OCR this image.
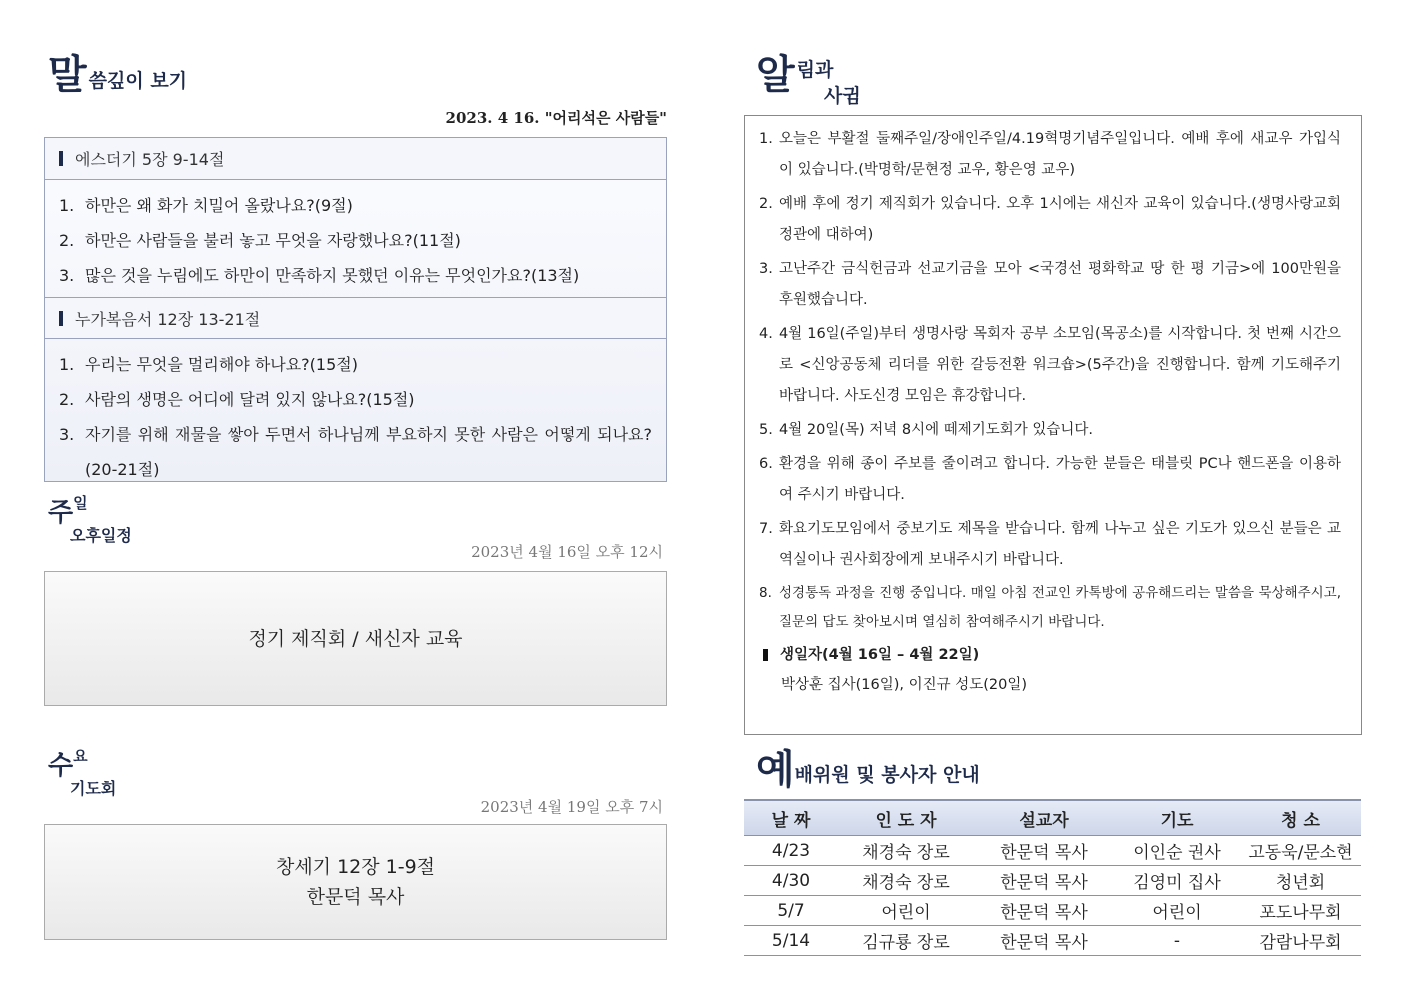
말 씀깊이 보기
2023. 4 16. "어리석은 사람들"
에스더기 5장 9-14절
1. 하만은 왜 화가 치밀어 올랐나요?(9절)
2. 하만은 사람들을 불러 놓고 무엇을 자랑했나요?(11절)
3. 많은 것을 누림에도 하만이 만족하지 못했던 이유는 무엇인가요?(13절)
누가복음서 12장 13-21절
1. 우리는 무엇을 멀리해야 하나요?(15절)
2. 사람의 생명은 어디에 달려 있지 않나요?(15절)
3. 자기를 위해 재물을 쌓아 두면서 하나님께 부요하지 못한 사람은 어떻게 되나요?(20-21절)
주일
오후일정
2023년 4월 16일 오후 12시
정기 제직회 / 새신자 교육
수요
기도회
2023년 4월 19일 오후 7시
창세기 12장 1-9절
한문덕 목사
알림과
사귐
1. 오늘은 부활절 둘째주일/장애인주일/4.19혁명기념주일입니다. 예배 후에 새교우 가입식이 있습니다.(박명학/문현정 교우, 황은영 교우)
2. 예배 후에 정기 제직회가 있습니다. 오후 1시에는 새신자 교육이 있습니다.(생명사랑교회 정관에 대하여)
3. 고난주간 금식헌금과 선교기금을 모아 <국경선 평화학교 땅 한 평 기금>에 100만원을 후원했습니다.
4. 4월 16일(주일)부터 생명사랑 목회자 공부 소모임(목공소)를 시작합니다. 첫 번째 시간으로 <신앙공동체 리더를 위한 갈등전환 워크숍>(5주간)을 진행합니다. 함께 기도해주기 바랍니다. 사도신경 모임은 휴강합니다.
5. 4월 20일(목) 저녁 8시에 떼제기도회가 있습니다.
6. 환경을 위해 종이 주보를 줄이려고 합니다. 가능한 분들은 태블릿 PC나 핸드폰을 이용하여 주시기 바랍니다.
7. 화요기도모임에서 중보기도 제목을 받습니다. 함께 나누고 싶은 기도가 있으신 분들은 교역실이나 권사회장에게 보내주시기 바랍니다.
8. 성경통독 과정을 진행 중입니다. 매일 아침 전교인 카톡방에 공유해드리는 말씀을 묵상해주시고, 질문의 답도 찾아보시며 열심히 참여해주시기 바랍니다.
생일자(4월 16일 – 4월 22일)
박상훈 집사(16일), 이진규 성도(20일)
예 배위원 및 봉사자 안내
날 짜	인 도 자	설교자	기도	청 소
4/23	채경숙 장로	한문덕 목사	이인순 권사	고동욱/문소현
4/30	채경숙 장로	한문덕 목사	김영미 집사	청년회
5/7	어린이	한문덕 목사	어린이	포도나무회
5/14	김규룡 장로	한문덕 목사	-	감람나무회
